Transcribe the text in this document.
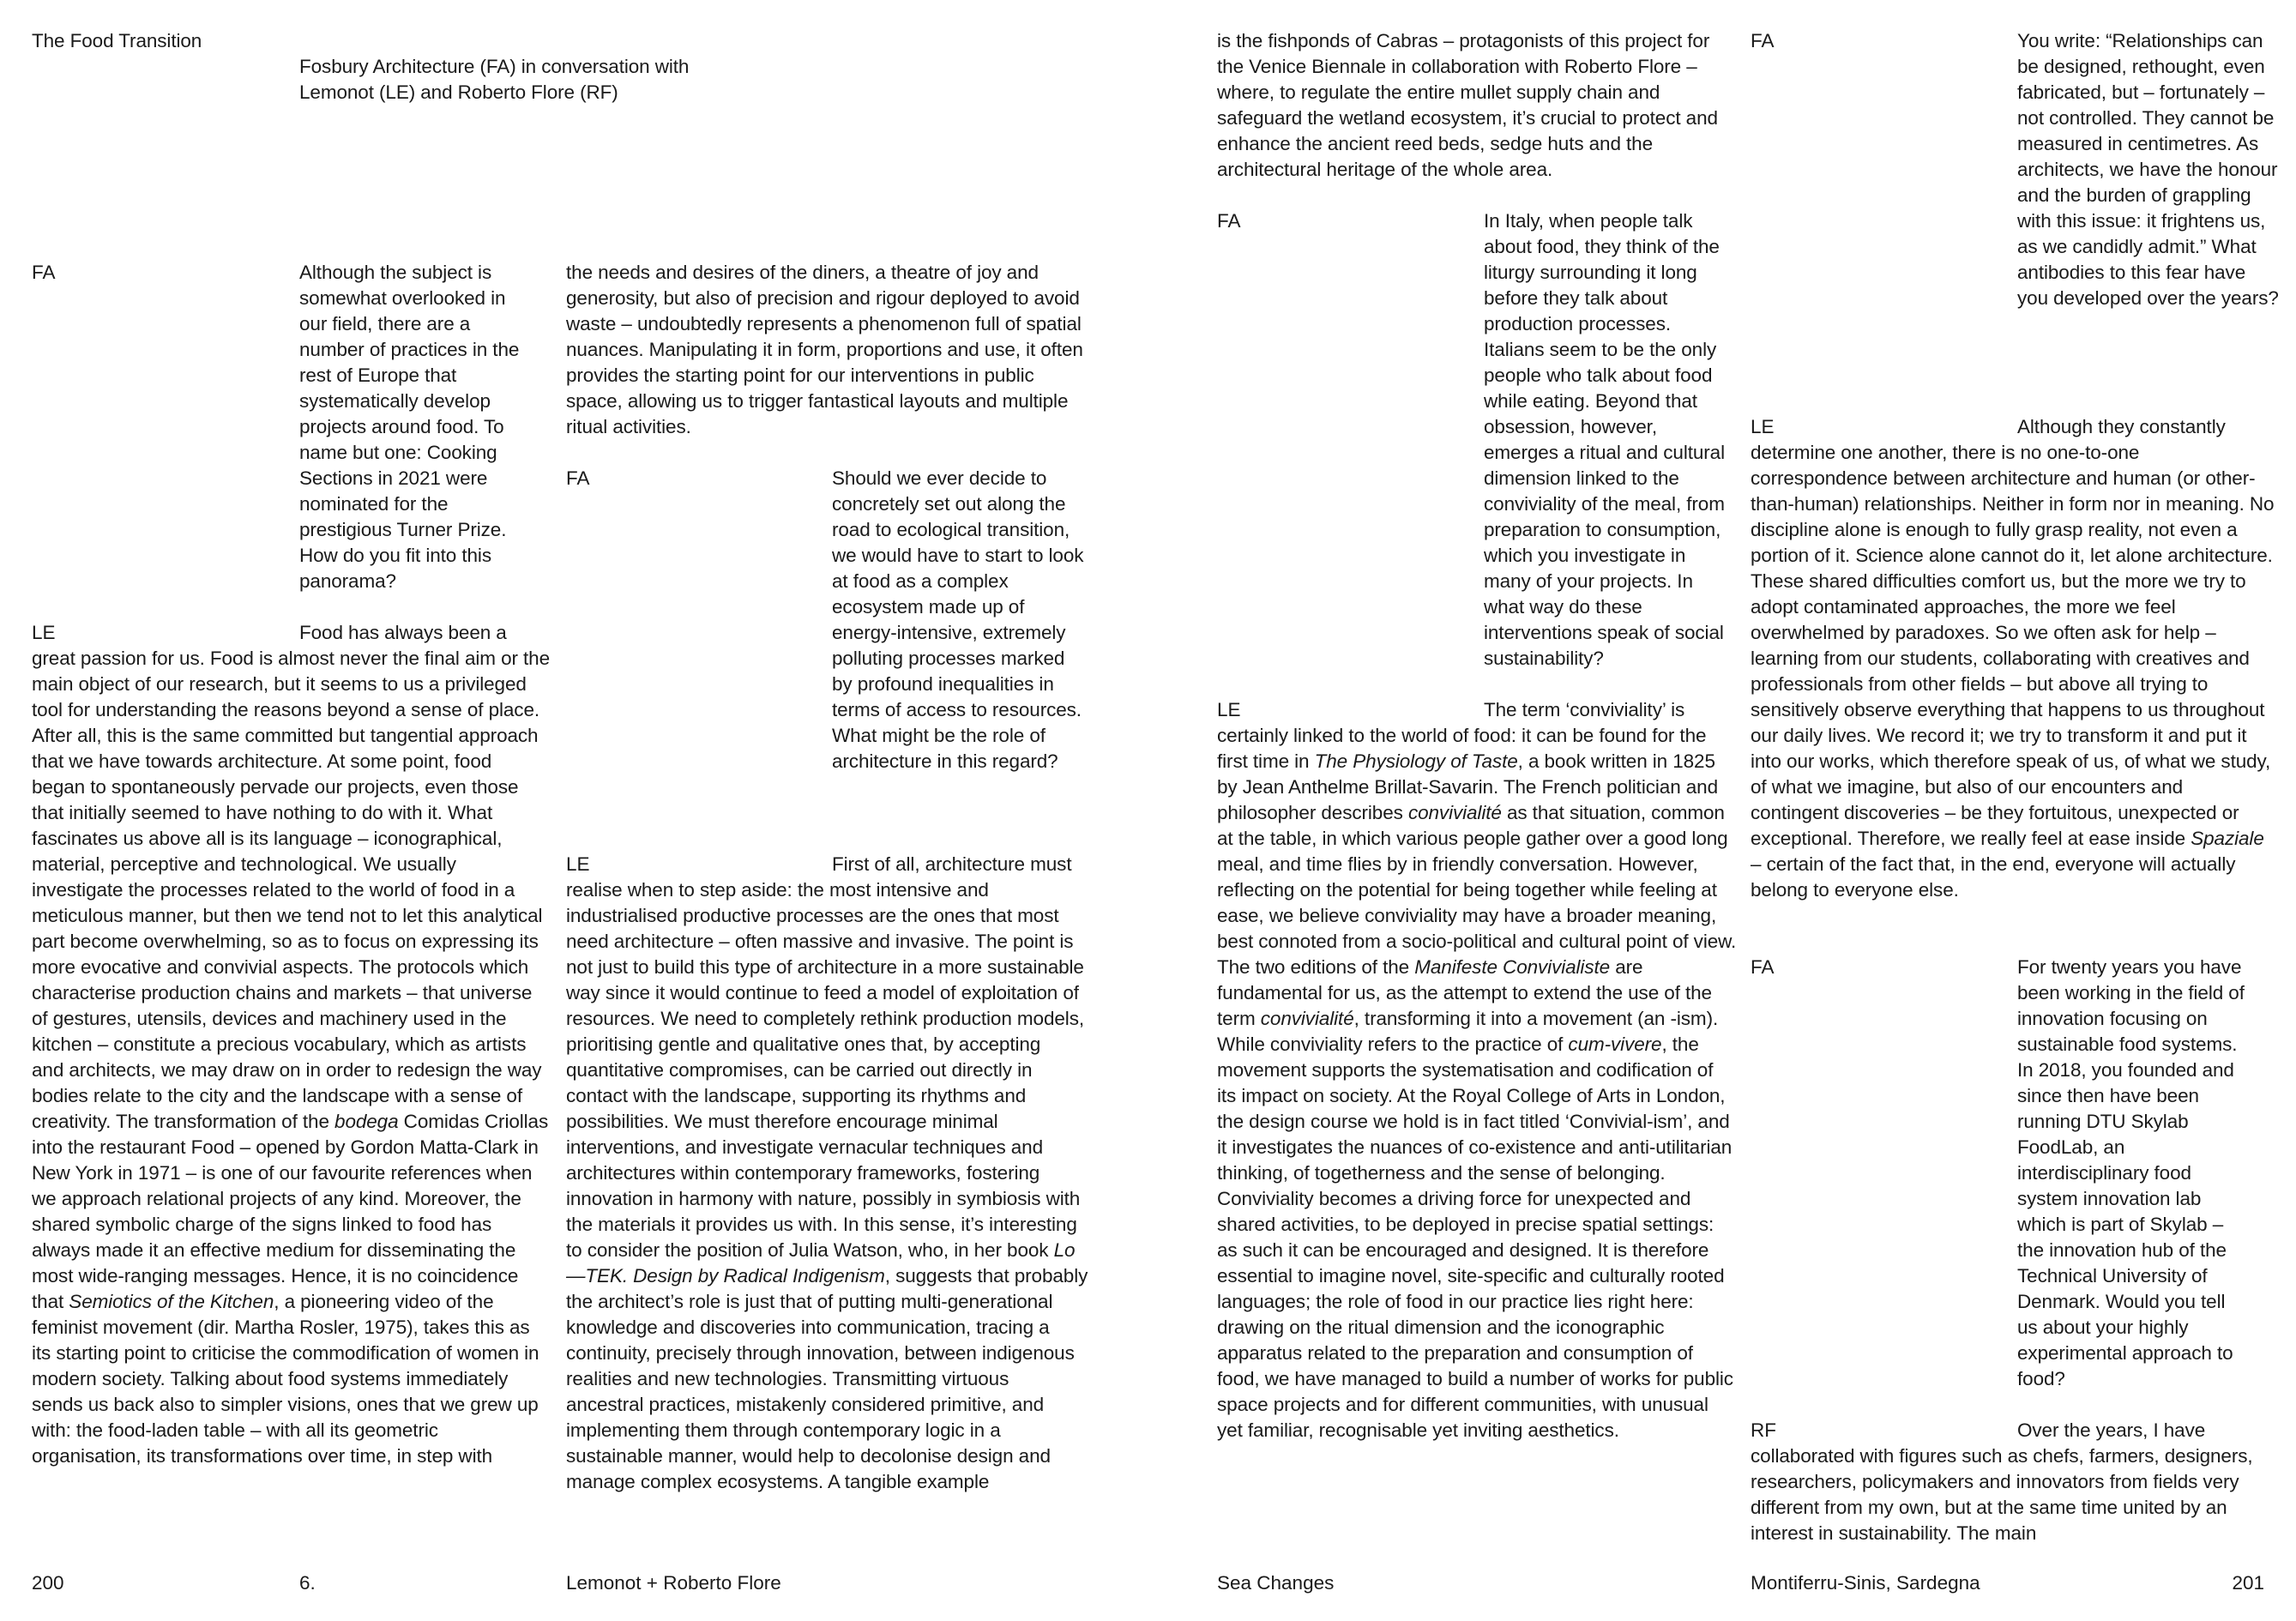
The Food Transition
Fosbury Architecture (FA) in conversation with Lemonot (LE) and Roberto Flore (RF)
FA	Although the subject is somewhat overlooked in our field, there are a number of practices in the rest of Europe that systematically develop projects around food. To name but one: Cooking Sections in 2021 were nominated for the prestigious Turner Prize. How do you fit into this panorama?
LE	Food has always been a great passion for us. Food is almost never the final aim or the main object of our research, but it seems to us a privileged tool for understanding the reasons beyond a sense of place. After all, this is the same committed but tangential approach that we have towards architecture. At some point, food began to spontaneously pervade our projects, even those that initially seemed to have nothing to do with it. What fascinates us above all is its language – iconographical, material, perceptive and technological. We usually investigate the processes related to the world of food in a meticulous manner, but then we tend not to let this analytical part become overwhelming, so as to focus on expressing its more evocative and convivial aspects. The protocols which characterise production chains and markets – that universe of gestures, utensils, devices and machinery used in the kitchen – constitute a precious vocabulary, which as artists and architects, we may draw on in order to redesign the way bodies relate to the city and the landscape with a sense of creativity. The transformation of the bodega Comidas Criollas into the restaurant Food – opened by Gordon Matta-Clark in New York in 1971 – is one of our favourite references when we approach relational projects of any kind. Moreover, the shared symbolic charge of the signs linked to food has always made it an effective medium for disseminating the most wide-ranging messages. Hence, it is no coincidence that Semiotics of the Kitchen, a pioneering video of the feminist movement (dir. Martha Rosler, 1975), takes this as its starting point to criticise the commodification of women in modern society. Talking about food systems immediately sends us back also to simpler visions, ones that we grew up with: the food-laden table – with all its geometric organisation, its transformations over time, in step with

the needs and desires of the diners, a theatre of joy and generosity, but also of precision and rigour deployed to avoid waste – undoubtedly represents a phenomenon full of spatial nuances. Manipulating it in form, proportions and use, it often provides the starting point for our interventions in public space, allowing us to trigger fantastical layouts and multiple ritual activities.
FA	Should we ever decide to concretely set out along the road to ecological transition, we would have to start to look at food as a complex ecosystem made up of energy-intensive, extremely polluting processes marked by profound inequalities in terms of access to resources. What might be the role of architecture in this regard?
LE	First of all, architecture must realise when to step aside: the most intensive and industrialised productive processes are the ones that most need architecture – often massive and invasive. The point is not just to build this type of architecture in a more sustainable way since it would continue to feed a model of exploitation of resources. We need to completely rethink production models, prioritising gentle and qualitative ones that, by accepting quantitative compromises, can be carried out directly in contact with the landscape, supporting its rhythms and possibilities. We must therefore encourage minimal interventions, and investigate vernacular techniques and architectures within contemporary frameworks, fostering innovation in harmony with nature, possibly in symbiosis with the materials it provides us with. In this sense, it’s interesting to consider the position of Julia Watson, who, in her book Lo—TEK. Design by Radical Indigenism, suggests that probably the architect’s role is just that of putting multi-generational knowledge and discoveries into communication, tracing a continuity, precisely through innovation, between indigenous realities and new technologies. Transmitting virtuous ancestral practices, mistakenly considered primitive, and implementing them through contemporary logic in a sustainable manner, would help to decolonise design and manage complex ecosystems. A tangible example

200	6.	Lemonot + Roberto Flore
is the fishponds of Cabras – protagonists of this project for the Venice Biennale in collaboration with Roberto Flore – where, to regulate the entire mullet supply chain and safeguard the wetland ecosystem, it’s crucial to protect and enhance the ancient reed beds, sedge huts and the architectural heritage of the whole area.
FA	In Italy, when people talk about food, they think of the liturgy surrounding it long before they talk about production processes. Italians seem to be the only people who talk about food while eating. Beyond that obsession, however, emerges a ritual and cultural dimension linked to the conviviality of the meal, from preparation to consumption, which you investigate in many of your projects. In what way do these interventions speak of social sustainability?
LE	The term ‘conviviality’ is certainly linked to the world of food: it can be found for the first time in The Physiology of Taste, a book written in 1825 by Jean Anthelme Brillat-Savarin. The French politician and philosopher describes convivialité as that situation, common at the table, in which various people gather over a good long meal, and time flies by in friendly conversation. However, reflecting on the potential for being together while feeling at ease, we believe conviviality may have a broader meaning, best connoted from a socio-political and cultural point of view. The two editions of the Manifeste Convivialiste are fundamental for us, as the attempt to extend the use of the term convivialité, transforming it into a movement (an -ism). While conviviality refers to the practice of cum-vivere, the movement supports the systematisation and codification of its impact on society. At the Royal College of Arts in London, the design course we hold is in fact titled ‘Convivial-ism’, and it investigates the nuances of co-existence and anti-utilitarian thinking, of togetherness and the sense of belonging. Conviviality becomes a driving force for unexpected and shared activities, to be deployed in precise spatial settings: as such it can be encouraged and designed. It is therefore essential to imagine novel, site-specific and culturally rooted languages; the role of food in our practice lies right here: drawing on the ritual dimension and the iconographic apparatus related to the preparation and consumption of food, we have managed to build a number of works for public space projects and for different communities, with unusual yet familiar, recognisable yet inviting aesthetics.

FA	You write: “Relationships can be designed, rethought, even fabricated, but – fortunately – not controlled. They cannot be measured in centimetres. As architects, we have the honour and the burden of grappling with this issue: it frightens us, as we candidly admit.” What antibodies to this fear have you developed over the years?
LE	Although they constantly determine one another, there is no one-to-one correspondence between architecture and human (or other-than-human) relationships. Neither in form nor in meaning. No discipline alone is enough to fully grasp reality, not even a portion of it. Science alone cannot do it, let alone architecture. These shared difficulties comfort us, but the more we try to adopt contaminated approaches, the more we feel overwhelmed by paradoxes. So we often ask for help – learning from our students, collaborating with creatives and professionals from other fields – but above all trying to sensitively observe everything that happens to us throughout our daily lives. We record it; we try to transform it and put it into our works, which therefore speak of us, of what we study, of what we imagine, but also of our encounters and contingent discoveries – be they fortuitous, unexpected or exceptional. Therefore, we really feel at ease inside Spaziale – certain of the fact that, in the end, everyone will actually belong to everyone else.

FA	For twenty years you have been working in the field of innovation focusing on sustainable food systems. In 2018, you founded and since then have been running DTU Skylab FoodLab, an interdisciplinary food system innovation lab which is part of Skylab – the innovation hub of the Technical University of Denmark. Would you tell us about your highly experimental approach to food?
RF	Over the years, I have collaborated with figures such as chefs, farmers, designers, researchers, policymakers and innovators from fields very different from my own, but at the same time united by an interest in sustainability. The main

Sea Changes	Montiferru-Sinis, Sardegna	201
